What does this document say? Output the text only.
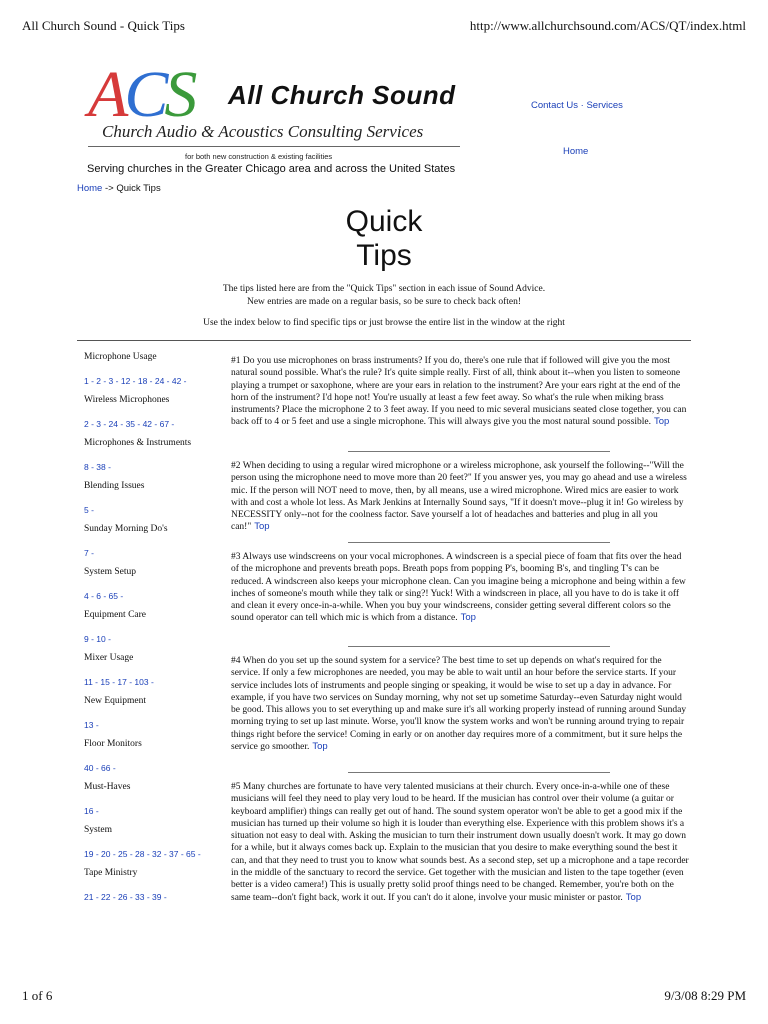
All Church Sound - Quick Tips	http://www.allchurchsound.com/ACS/QT/index.html
ACS All Church Sound
Church Audio & Acoustics Consulting Services
for both new construction & existing facilities
Serving churches in the Greater Chicago area and across the United States
Contact Us · Services
Home
Home -> Quick Tips
Quick
Tips
The tips listed here are from the "Quick Tips" section in each issue of Sound Advice.
New entries are made on a regular basis, so be sure to check back often!
Use the index below to find specific tips or just browse the entire list in the window at the right
Microphone Usage
1 - 2 - 3 - 12 - 18 - 24 - 42 -
Wireless Microphones
2 - 3 - 24 - 35 - 42 - 67 -
Microphones & Instruments
8 - 38 -
Blending Issues
5 -
Sunday Morning Do's
7 -
System Setup
4 - 6 - 65 -
Equipment Care
9 - 10 -
Mixer Usage
11 - 15 - 17 - 103 -
New Equipment
13 -
Floor Monitors
40 - 66 -
Must-Haves
16 -
System
19 - 20 - 25 - 28 - 32 - 37 - 65 -
Tape Ministry
21 - 22 - 26 - 33 - 39 -
#1 Do you use microphones on brass instruments? If you do, there's one rule that if followed will give you the most natural sound possible. What's the rule? It's quite simple really. First of all, think about it--when you listen to someone playing a trumpet or saxophone, where are your ears in relation to the instrument? Are your ears right at the end of the horn of the instrument? I'd hope not! You're usually at least a few feet away. So what's the rule when miking brass instruments? Place the microphone 2 to 3 feet away. If you need to mic several musicians seated close together, you can back off to 4 or 5 feet and use a single microphone. This will always give you the most natural sound possible. Top
#2 When deciding to using a regular wired microphone or a wireless microphone, ask yourself the following--"Will the person using the microphone need to move more than 20 feet?" If you answer yes, you may go ahead and use a wireless mic. If the person will NOT need to move, then, by all means, use a wired microphone. Wired mics are easier to work with and cost a whole lot less. As Mark Jenkins at Internally Sound says, "If it doesn't move--plug it in! Go wireless by NECESSITY only--not for the coolness factor. Save yourself a lot of headaches and batteries and plug in all you can!" Top
#3 Always use windscreens on your vocal microphones. A windscreen is a special piece of foam that fits over the head of the microphone and prevents breath pops. Breath pops from popping P's, booming B's, and tingling T's can be reduced. A windscreen also keeps your microphone clean. Can you imagine being a microphone and being within a few inches of someone's mouth while they talk or sing?! Yuck! With a windscreen in place, all you have to do is take it off and clean it every once-in-a-while. When you buy your windscreens, consider getting several different colors so the sound operator can tell which mic is which from a distance. Top
#4 When do you set up the sound system for a service? The best time to set up depends on what's required for the service. If only a few microphones are needed, you may be able to wait until an hour before the service starts. If your service includes lots of instruments and people singing or speaking, it would be wise to set up a day in advance. For example, if you have two services on Sunday morning, why not set up sometime Saturday--even Saturday night would be good. This allows you to set everything up and make sure it's all working properly instead of running around Sunday morning trying to set up last minute. Worse, you'll know the system works and won't be running around trying to repair things right before the service! Coming in early or on another day requires more of a commitment, but it sure helps the service go smoother. Top
#5 Many churches are fortunate to have very talented musicians at their church. Every once-in-a-while one of these musicians will feel they need to play very loud to be heard. If the musician has control over their volume (a guitar or keyboard amplifier) things can really get out of hand. The sound system operator won't be able to get a good mix if the musician has turned up their volume so high it is louder than everything else. Experience with this problem shows it's a situation not easy to deal with. Asking the musician to turn their instrument down usually doesn't work. It may go down for a while, but it always comes back up. Explain to the musician that you desire to make everything sound the best it can, and that they need to trust you to know what sounds best. As a second step, set up a microphone and a tape recorder in the middle of the sanctuary to record the service. Get together with the musician and listen to the tape together (even better is a video camera!) This is usually pretty solid proof things need to be changed. Remember, you're both on the same team--don't fight back, work it out. If you can't do it alone, involve your music minister or pastor. Top
1 of 6	9/3/08 8:29 PM
